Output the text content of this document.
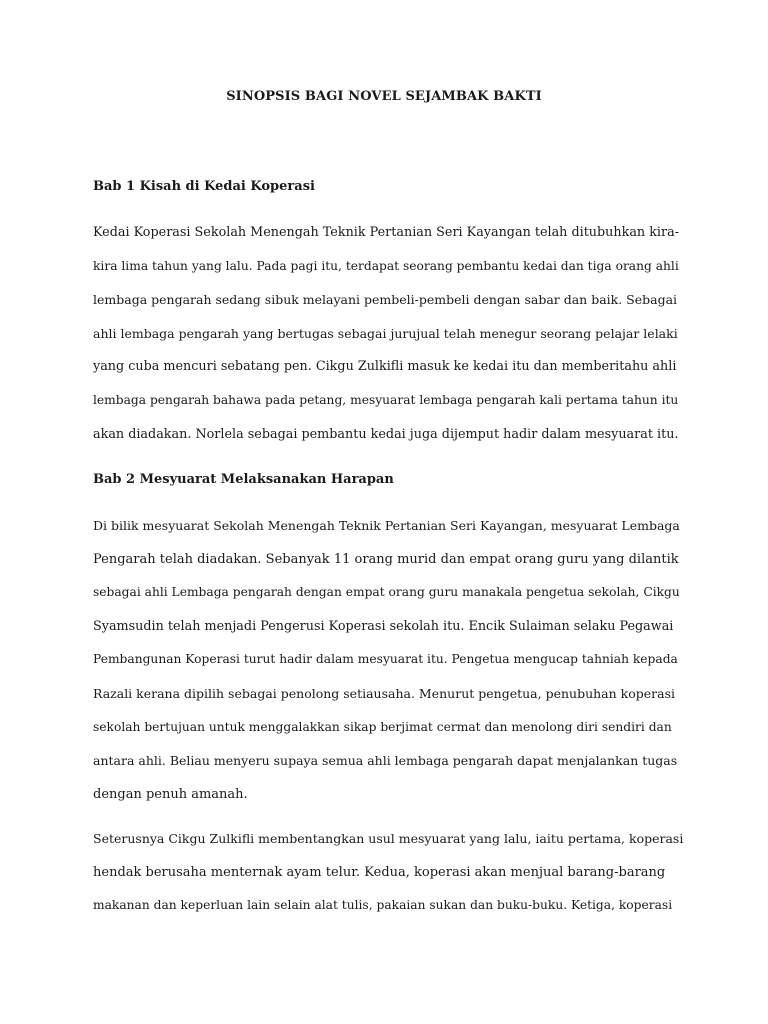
SINOPSIS BAGI NOVEL SEJAMBAK BAKTI
Bab 1 Kisah di Kedai Koperasi

Kedai Koperasi Sekolah Menengah Teknik Pertanian Seri Kayangan telah ditubuhkan kira-
kira lima tahun yang lalu. Pada pagi itu, terdapat seorang pembantu kedai dan tiga orang ahli
lembaga pengarah sedang sibuk melayani pembeli-pembeli dengan sabar dan baik. Sebagai
ahli lembaga pengarah yang bertugas sebagai jurujual telah menegur seorang pelajar lelaki
yang cuba mencuri sebatang pen. Cikgu Zulkifli masuk ke kedai itu dan memberitahu ahli
lembaga pengarah bahawa pada petang, mesyuarat lembaga pengarah kali pertama tahun itu
akan diadakan. Norlela sebagai pembantu kedai juga dijemput hadir dalam mesyuarat itu.

Bab 2 Mesyuarat Melaksanakan Harapan

Di bilik mesyuarat Sekolah Menengah Teknik Pertanian Seri Kayangan, mesyuarat Lembaga
Pengarah telah diadakan. Sebanyak 11 orang murid dan empat orang guru yang dilantik
sebagai ahli Lembaga pengarah dengan empat orang guru manakala pengetua sekolah, Cikgu
Syamsudin telah menjadi Pengerusi Koperasi sekolah itu. Encik Sulaiman selaku Pegawai
Pembangunan Koperasi turut hadir dalam mesyuarat itu. Pengetua mengucap tahniah kepada
Razali kerana dipilih sebagai penolong setiausaha. Menurut pengetua, penubuhan koperasi
sekolah bertujuan untuk menggalakkan sikap berjimat cermat dan menolong diri sendiri dan
antara ahli. Beliau menyeru supaya semua ahli lembaga pengarah dapat menjalankan tugas
dengan penuh amanah.

Seterusnya Cikgu Zulkifli membentangkan usul mesyuarat yang lalu, iaitu pertama, koperasi
hendak berusaha menternak ayam telur. Kedua, koperasi akan menjual barang-barang
makanan dan keperluan lain selain alat tulis, pakaian sukan dan buku-buku. Ketiga, koperasi
